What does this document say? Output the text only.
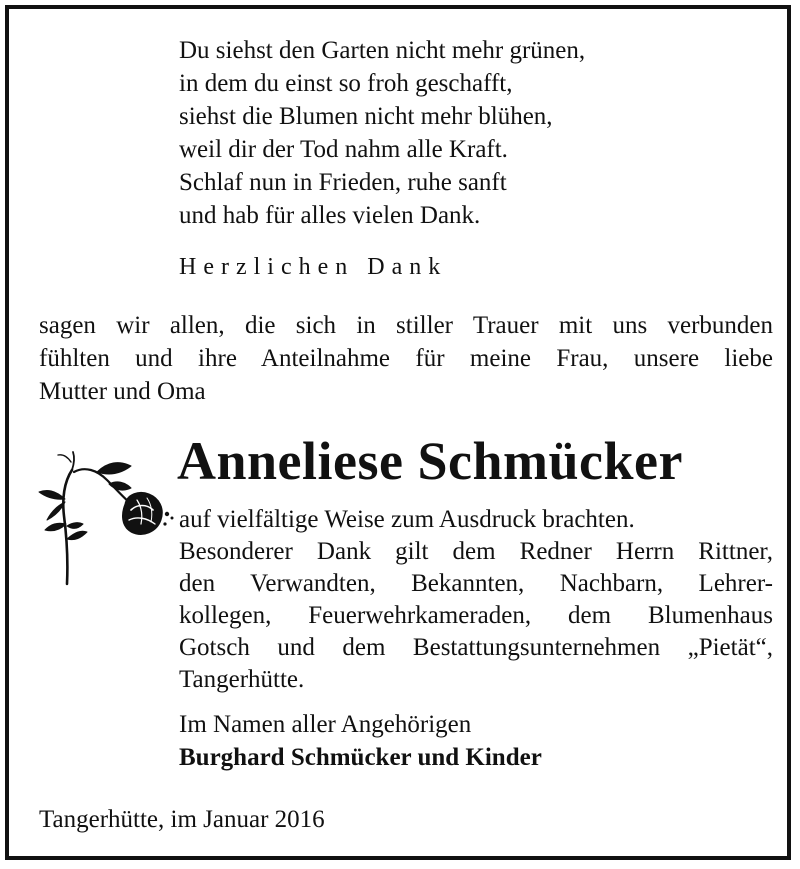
Du siehst den Garten nicht mehr grünen,
in dem du einst so froh geschafft,
siehst die Blumen nicht mehr blühen,
weil dir der Tod nahm alle Kraft.
Schlaf nun in Frieden, ruhe sanft
und hab für alles vielen Dank.
Herzlichen Dank
sagen wir allen, die sich in stiller Trauer mit uns verbunden
fühlten und ihre Anteilnahme für meine Frau, unsere liebe
Mutter und Oma
Anneliese Schmücker
auf vielfältige Weise zum Ausdruck brachten.
Besonderer Dank gilt dem Redner Herrn Rittner,
den Verwandten, Bekannten, Nachbarn, Lehrer-
kollegen, Feuerwehrkameraden, dem Blumenhaus
Gotsch und dem Bestattungsunternehmen „Pietät“,
Tangerhütte.
Im Namen aller Angehörigen
Burghard Schmücker und Kinder
Tangerhütte, im Januar 2016
